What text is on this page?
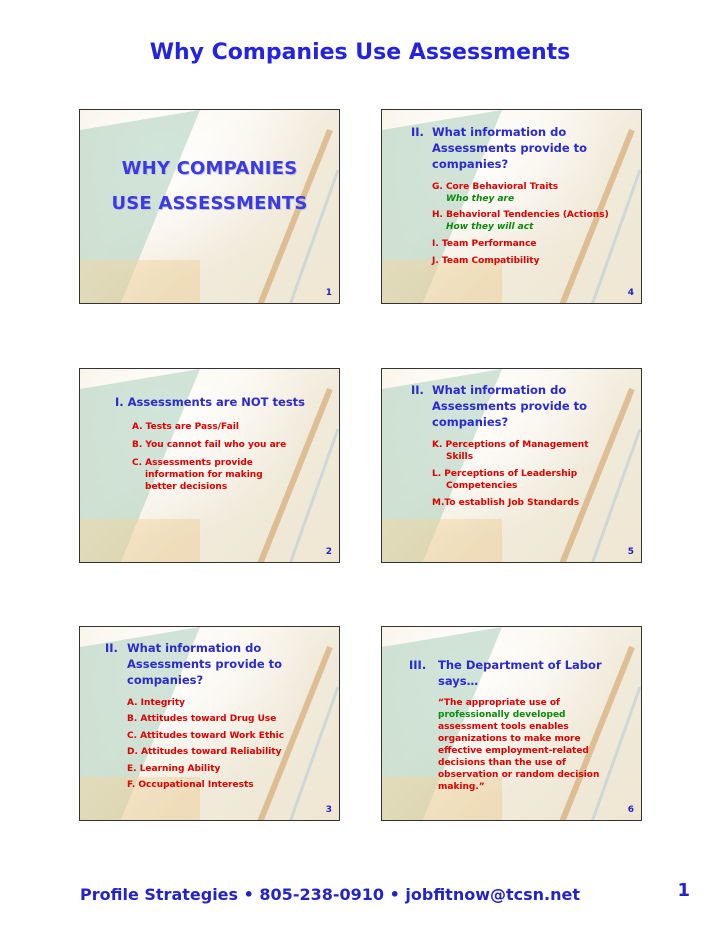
Why Companies Use Assessments
WHY COMPANIES
USE ASSESSMENTS
1
II. What information do
Assessments provide to
companies?
G. Core Behavioral Traits
Who they are
H. Behavioral Tendencies (Actions)
How they will act
I. Team Performance
J. Team Compatibility
4
I. Assessments are NOT tests
A. Tests are Pass/Fail
B. You cannot fail who you are
C. Assessments provide
information for making
better decisions
2
II. What information do
Assessments provide to
companies?
K. Perceptions of Management
Skills
L. Perceptions of Leadership
Competencies
M.To establish Job Standards
5
II. What information do
Assessments provide to
companies?
A. Integrity
B. Attitudes toward Drug Use
C. Attitudes toward Work Ethic
D. Attitudes toward Reliability
E. Learning Ability
F. Occupational Interests
3
III. The Department of Labor
says…
“The appropriate use of
professionally developed
assessment tools enables
organizations to make more
effective employment-related
decisions than the use of
observation or random decision
making.”
6
Profile Strategies • 805-238-0910 • jobfitnow@tcsn.net	1
